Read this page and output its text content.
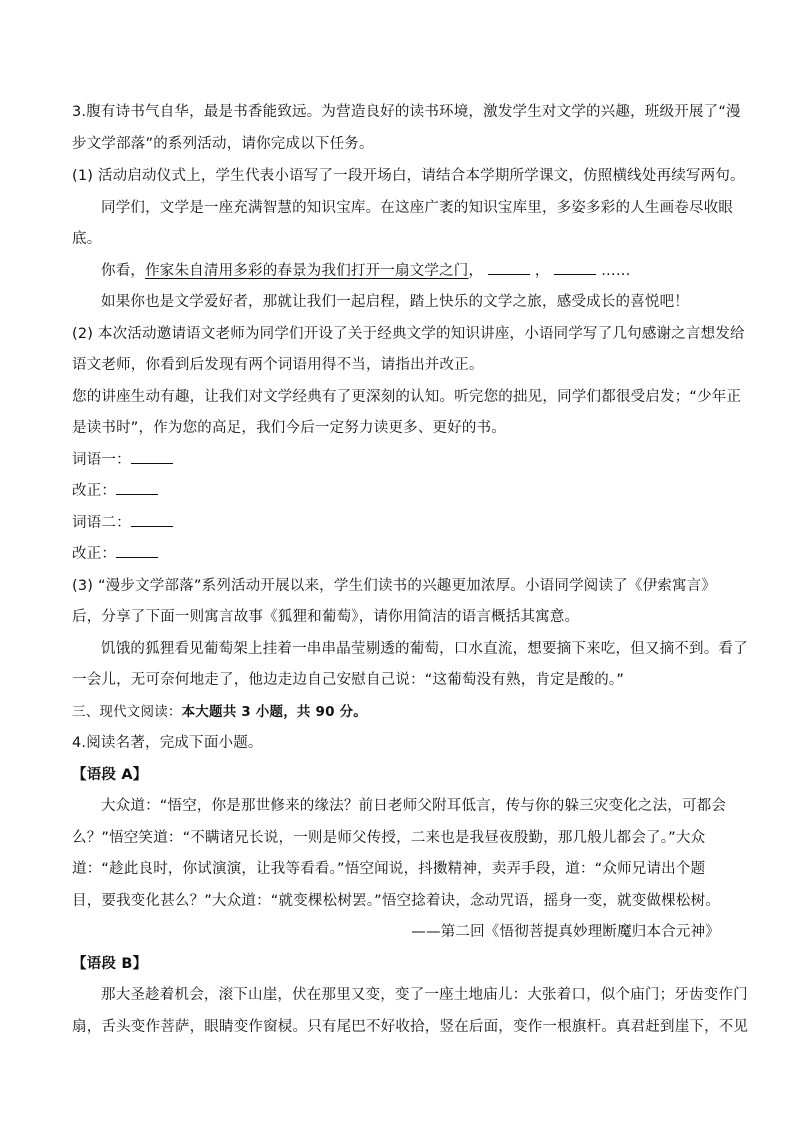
3.腹有诗书气自华，最是书香能致远。为营造良好的读书环境，激发学生对文学的兴趣，班级开展了“漫
步文学部落”的系列活动，请你完成以下任务。
(1) 活动启动仪式上，学生代表小语写了一段开场白，请结合本学期所学课文，仿照横线处再续写两句。
同学们，文学是一座充满智慧的知识宝库。在这座广袤的知识宝库里，多姿多彩的人生画卷尽收眼
底。
你看，作家朱自清用多彩的春景为我们打开一扇文学之门，	，	……
如果你也是文学爱好者，那就让我们一起启程，踏上快乐的文学之旅，感受成长的喜悦吧！
(2) 本次活动邀请语文老师为同学们开设了关于经典文学的知识讲座，小语同学写了几句感谢之言想发给
语文老师，你看到后发现有两个词语用得不当，请指出并改正。
您的讲座生动有趣，让我们对文学经典有了更深刻的认知。听完您的拙见，同学们都很受启发；“少年正
是读书时”，作为您的高足，我们今后一定努力读更多、更好的书。
词语一：
改正：
词语二：
改正：
(3) “漫步文学部落”系列活动开展以来，学生们读书的兴趣更加浓厚。小语同学阅读了《伊索寓言》
后，分享了下面一则寓言故事《狐狸和葡萄》，请你用简洁的语言概括其寓意。
饥饿的狐狸看见葡萄架上挂着一串串晶莹剔透的葡萄，口水直流，想要摘下来吃，但又摘不到。看了
一会儿，无可奈何地走了，他边走边自己安慰自己说：“这葡萄没有熟，肯定是酸的。”
三、现代文阅读：本大题共 3 小题，共 90 分。
4.阅读名著，完成下面小题。
【语段 A】
大众道：“悟空，你是那世修来的缘法？前日老师父附耳低言，传与你的躲三灾变化之法，可都会
么？”悟空笑道：“不瞒诸兄长说，一则是师父传授，二来也是我昼夜殷勤，那几般儿都会了。”大众
道：“趁此良时，你试演演，让我等看看。”悟空闻说，抖擞精神，卖弄手段，道：“众师兄请出个题
目，要我变化甚么？”大众道：“就变棵松树罢。”悟空捻着诀，念动咒语，摇身一变，就变做棵松树。
——第二回《悟彻菩提真妙理断魔归本合元神》
【语段 B】
那大圣趁着机会，滚下山崖，伏在那里又变，变了一座土地庙儿：大张着口，似个庙门；牙齿变作门
扇，舌头变作菩萨，眼睛变作窗棂。只有尾巴不好收拾，竖在后面，变作一根旗杆。真君赶到崖下，不见
